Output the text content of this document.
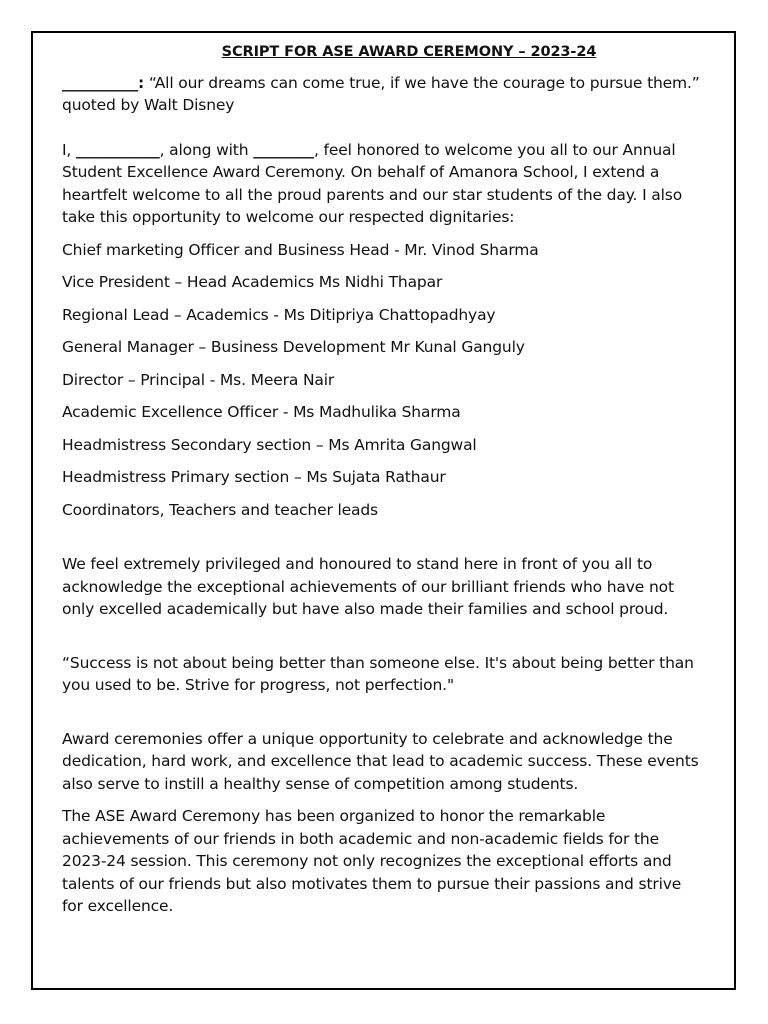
SCRIPT FOR ASE AWARD CEREMONY – 2023-24

__________: “All our dreams can come true, if we have the courage to pursue them.” quoted by Walt Disney

I, ___________, along with ________, feel honored to welcome you all to our Annual Student Excellence Award Ceremony. On behalf of Amanora School, I extend a heartfelt welcome to all the proud parents and our star students of the day. I also take this opportunity to welcome our respected dignitaries:

Chief marketing Officer and Business Head - Mr. Vinod Sharma

Vice President – Head Academics Ms Nidhi Thapar

Regional Lead – Academics - Ms Ditipriya Chattopadhyay

General Manager – Business Development Mr Kunal Ganguly

Director – Principal - Ms. Meera Nair

Academic Excellence Officer - Ms Madhulika Sharma

Headmistress Secondary section – Ms Amrita Gangwal

Headmistress Primary section – Ms Sujata Rathaur

Coordinators, Teachers and teacher leads

We feel extremely privileged and honoured to stand here in front of you all to acknowledge the exceptional achievements of our brilliant friends who have not only excelled academically but have also made their families and school proud.

“Success is not about being better than someone else. It's about being better than you used to be. Strive for progress, not perfection."

Award ceremonies offer a unique opportunity to celebrate and acknowledge the dedication, hard work, and excellence that lead to academic success. These events also serve to instill a healthy sense of competition among students.

The ASE Award Ceremony has been organized to honor the remarkable achievements of our friends in both academic and non-academic fields for the 2023-24 session. This ceremony not only recognizes the exceptional efforts and talents of our friends but also motivates them to pursue their passions and strive for excellence.
